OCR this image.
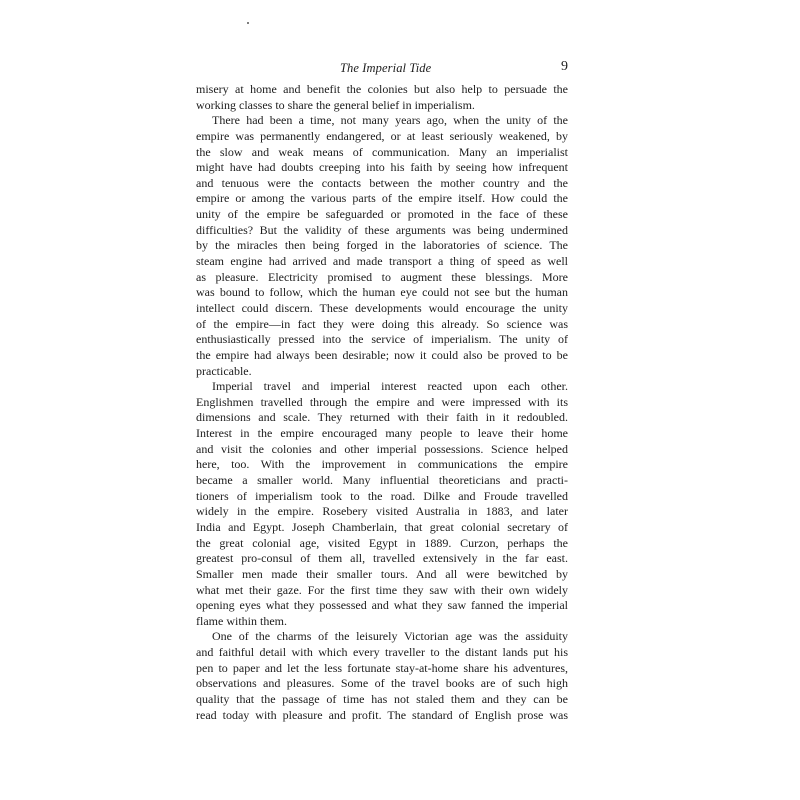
The Imperial Tide	9
misery at home and benefit the colonies but also help to persuade the
working classes to share the general belief in imperialism.
There had been a time, not many years ago, when the unity of the
empire was permanently endangered, or at least seriously weakened, by
the slow and weak means of communication. Many an imperialist
might have had doubts creeping into his faith by seeing how infrequent
and tenuous were the contacts between the mother country and the
empire or among the various parts of the empire itself. How could the
unity of the empire be safeguarded or promoted in the face of these
difficulties? But the validity of these arguments was being undermined
by the miracles then being forged in the laboratories of science. The
steam engine had arrived and made transport a thing of speed as well
as pleasure. Electricity promised to augment these blessings. More
was bound to follow, which the human eye could not see but the human
intellect could discern. These developments would encourage the unity
of the empire—in fact they were doing this already. So science was
enthusiastically pressed into the service of imperialism. The unity of
the empire had always been desirable; now it could also be proved to be
practicable.
Imperial travel and imperial interest reacted upon each other.
Englishmen travelled through the empire and were impressed with its
dimensions and scale. They returned with their faith in it redoubled.
Interest in the empire encouraged many people to leave their home
and visit the colonies and other imperial possessions. Science helped
here, too. With the improvement in communications the empire
became a smaller world. Many influential theoreticians and practi-
tioners of imperialism took to the road. Dilke and Froude travelled
widely in the empire. Rosebery visited Australia in 1883, and later
India and Egypt. Joseph Chamberlain, that great colonial secretary of
the great colonial age, visited Egypt in 1889. Curzon, perhaps the
greatest pro-consul of them all, travelled extensively in the far east.
Smaller men made their smaller tours. And all were bewitched by
what met their gaze. For the first time they saw with their own widely
opening eyes what they possessed and what they saw fanned the imperial
flame within them.
One of the charms of the leisurely Victorian age was the assiduity
and faithful detail with which every traveller to the distant lands put his
pen to paper and let the less fortunate stay-at-home share his adventures,
observations and pleasures. Some of the travel books are of such high
quality that the passage of time has not staled them and they can be
read today with pleasure and profit. The standard of English prose was
